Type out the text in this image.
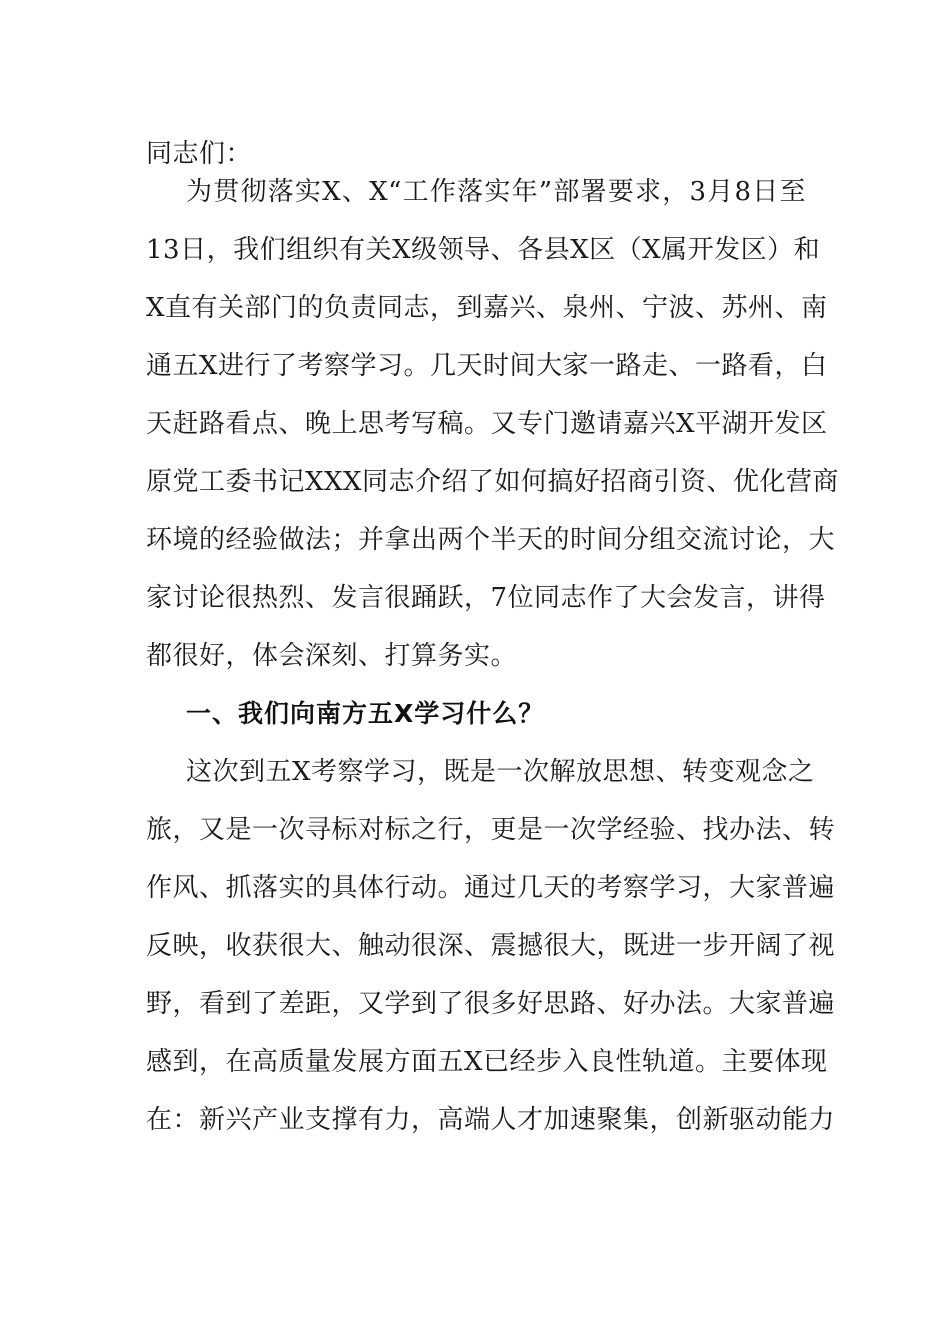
同志们：
为贯彻落实X、X“工作落实年”部署要求，3月8日至
13日，我们组织有关X级领导、各县X区（X属开发区）和
X直有关部门的负责同志，到嘉兴、泉州、宁波、苏州、南
通五X进行了考察学习。几天时间大家一路走、一路看，白
天赶路看点、晚上思考写稿。又专门邀请嘉兴X平湖开发区
原党工委书记XXX同志介绍了如何搞好招商引资、优化营商
环境的经验做法；并拿出两个半天的时间分组交流讨论，大
家讨论很热烈、发言很踊跃，7位同志作了大会发言，讲得
都很好，体会深刻、打算务实。
一、我们向南方五X学习什么？
这次到五X考察学习，既是一次解放思想、转变观念之
旅，又是一次寻标对标之行，更是一次学经验、找办法、转
作风、抓落实的具体行动。通过几天的考察学习，大家普遍
反映，收获很大、触动很深、震撼很大，既进一步开阔了视
野，看到了差距，又学到了很多好思路、好办法。大家普遍
感到，在高质量发展方面五X已经步入良性轨道。主要体现
在：新兴产业支撑有力，高端人才加速聚集，创新驱动能力
